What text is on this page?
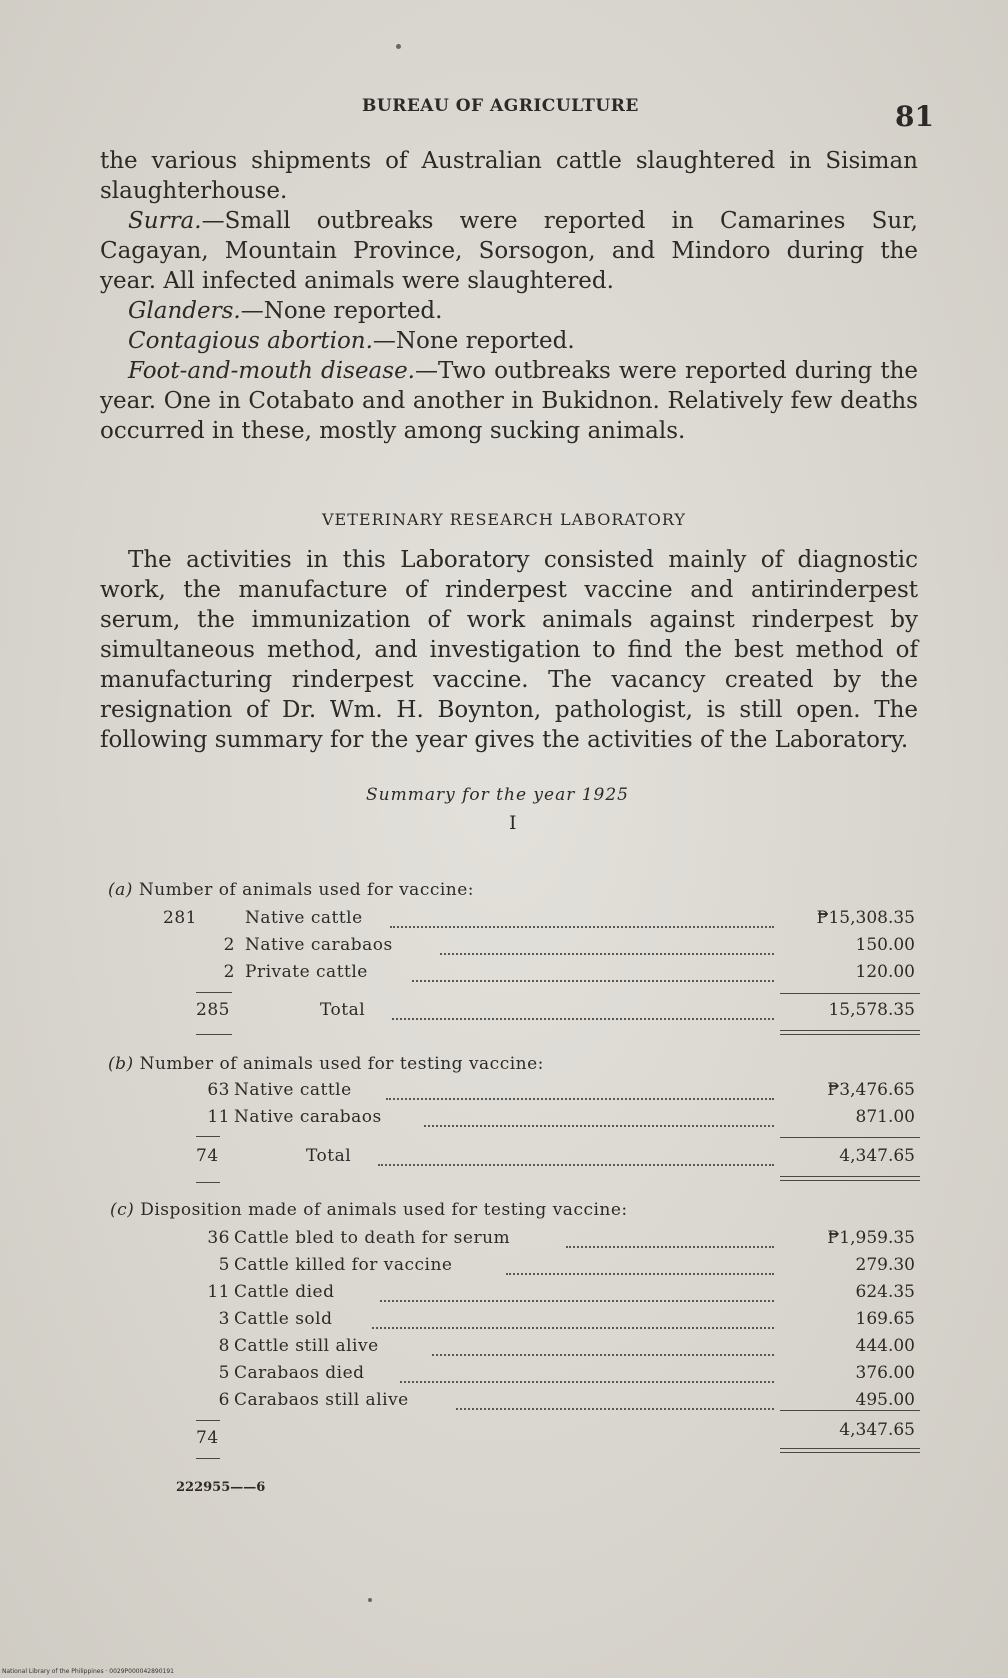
BUREAU OF AGRICULTURE	81

the various shipments of Australian cattle slaughtered in Sisiman slaughterhouse.

Surra.—Small outbreaks were reported in Camarines Sur, Cagayan, Mountain Province, Sorsogon, and Mindoro during the year. All infected animals were slaughtered.

Glanders.—None reported.

Contagious abortion.—None reported.

Foot-and-mouth disease.—Two outbreaks were reported during the year. One in Cotabato and another in Bukidnon. Relatively few deaths occurred in these, mostly among sucking animals.

VETERINARY RESEARCH LABORATORY

The activities in this Laboratory consisted mainly of diagnostic work, the manufacture of rinderpest vaccine and antirinderpest serum, the immunization of work animals against rinderpest by simultaneous method, and investigation to find the best method of manufacturing rinderpest vaccine. The vacancy created by the resignation of Dr. Wm. H. Boynton, pathologist, is still open. The following summary for the year gives the activities of the Laboratory.

Summary for the year 1925
I
(a) Number of animals used for vaccine:
281	Native cattle	₱15,308.35
2 Native carabaos	150.00
2 Private cattle	120.00
285	Total	15,578.35
(b) Number of animals used for testing vaccine:
63 Native cattle	₱3,476.65
11 Native carabaos	871.00
74	Total	4,347.65
(c) Disposition made of animals used for testing vaccine:
36 Cattle bled to death for serum	₱1,959.35
5 Cattle killed for vaccine	279.30
11 Cattle died	624.35
3 Cattle sold	169.65
8 Cattle still alive	444.00
5 Carabaos died	376.00
6 Carabaos still alive	495.00
74	4,347.65
222955——6
National Library of the Philippines · 0029P000042890191
